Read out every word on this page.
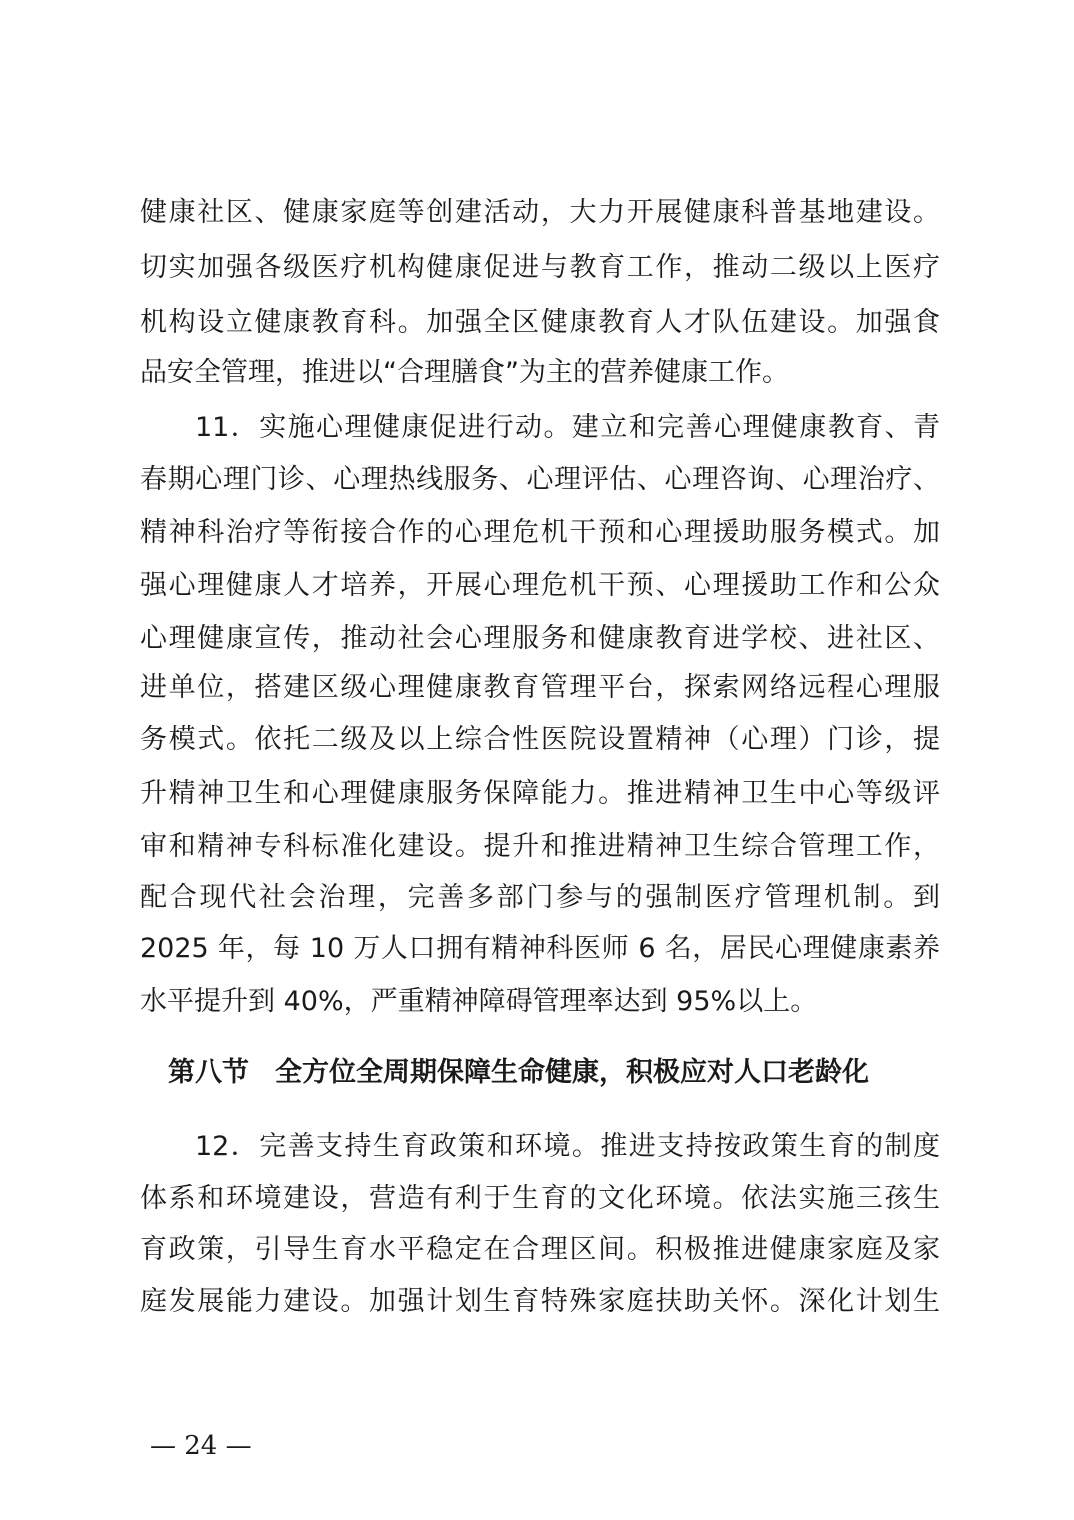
健康社区、健康家庭等创建活动，大力开展健康科普基地建设。
切实加强各级医疗机构健康促进与教育工作，推动二级以上医疗
机构设立健康教育科。加强全区健康教育人才队伍建设。加强食
品安全管理，推进以“合理膳食”为主的营养健康工作。
11．实施心理健康促进行动。建立和完善心理健康教育、青
春期心理门诊、心理热线服务、心理评估、心理咨询、心理治疗、
精神科治疗等衔接合作的心理危机干预和心理援助服务模式。加
强心理健康人才培养，开展心理危机干预、心理援助工作和公众
心理健康宣传，推动社会心理服务和健康教育进学校、进社区、
进单位，搭建区级心理健康教育管理平台，探索网络远程心理服
务模式。依托二级及以上综合性医院设置精神（心理）门诊，提
升精神卫生和心理健康服务保障能力。推进精神卫生中心等级评
审和精神专科标准化建设。提升和推进精神卫生综合管理工作，
配合现代社会治理，完善多部门参与的强制医疗管理机制。到
2025 年，每 10 万人口拥有精神科医师 6 名，居民心理健康素养
水平提升到 40%，严重精神障碍管理率达到 95%以上。
第八节 全方位全周期保障生命健康，积极应对人口老龄化
12．完善支持生育政策和环境。推进支持按政策生育的制度
体系和环境建设，营造有利于生育的文化环境。依法实施三孩生
育政策，引导生育水平稳定在合理区间。积极推进健康家庭及家
庭发展能力建设。加强计划生育特殊家庭扶助关怀。深化计划生
— 24 —
